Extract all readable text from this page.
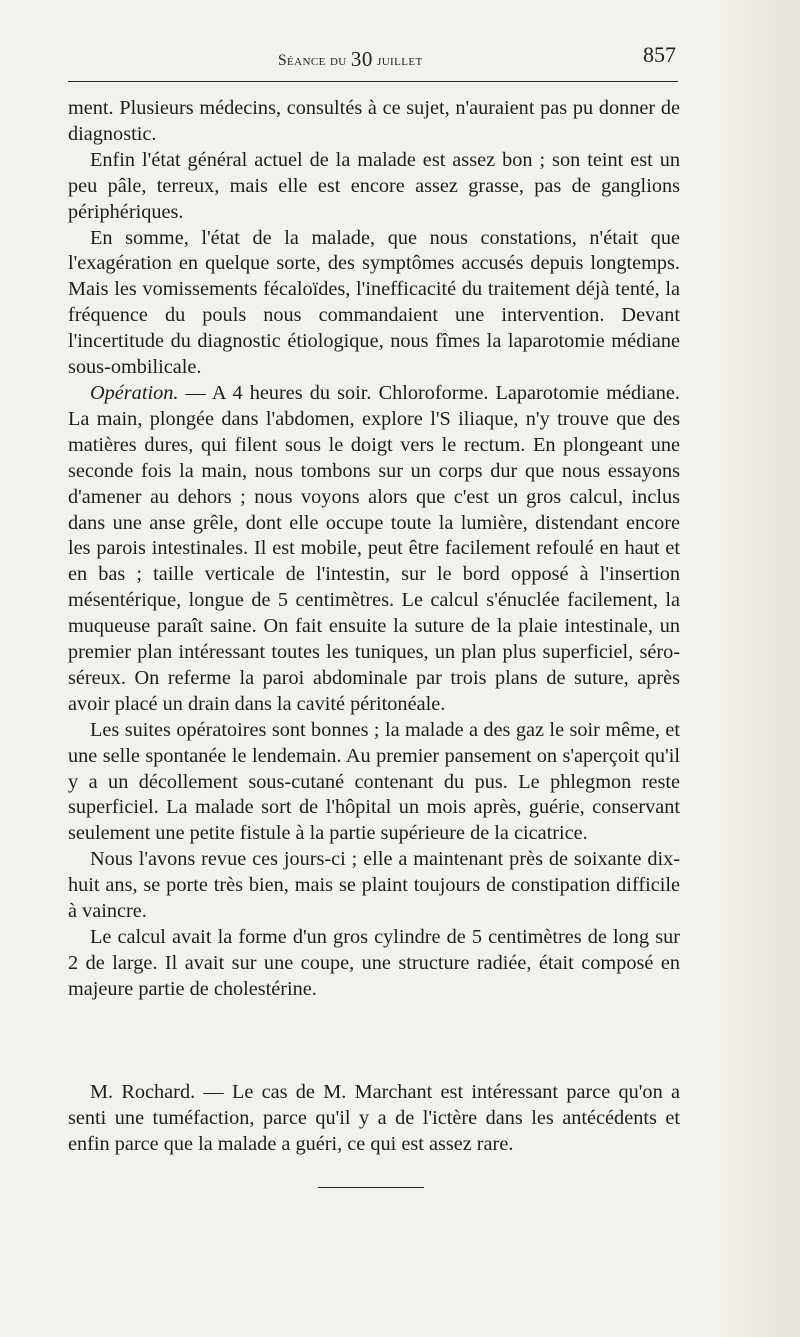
Séance du 30 juillet	857

ment. Plusieurs médecins, consultés à ce sujet, n'auraient pas pu donner de diagnostic.

Enfin l'état général actuel de la malade est assez bon ; son teint est un peu pâle, terreux, mais elle est encore assez grasse, pas de ganglions périphériques.

En somme, l'état de la malade, que nous constations, n'était que l'exagération en quelque sorte, des symptômes accusés depuis longtemps. Mais les vomissements fécaloïdes, l'inefficacité du traitement déjà tenté, la fréquence du pouls nous commandaient une intervention. Devant l'incertitude du diagnostic étiologique, nous fîmes la laparotomie médiane sous-ombilicale.

Opération. — A 4 heures du soir. Chloroforme. Laparotomie médiane. La main, plongée dans l'abdomen, explore l'S iliaque, n'y trouve que des matières dures, qui filent sous le doigt vers le rectum. En plongeant une seconde fois la main, nous tombons sur un corps dur que nous essayons d'amener au dehors ; nous voyons alors que c'est un gros calcul, inclus dans une anse grêle, dont elle occupe toute la lumière, distendant encore les parois intestinales. Il est mobile, peut être facilement refoulé en haut et en bas ; taille verticale de l'intestin, sur le bord opposé à l'insertion mésentérique, longue de 5 centimètres. Le calcul s'énuclée facilement, la muqueuse paraît saine. On fait ensuite la suture de la plaie intestinale, un premier plan intéressant toutes les tuniques, un plan plus superficiel, séro-séreux. On referme la paroi abdominale par trois plans de suture, après avoir placé un drain dans la cavité péritonéale.

Les suites opératoires sont bonnes ; la malade a des gaz le soir même, et une selle spontanée le lendemain. Au premier pansement on s'aperçoit qu'il y a un décollement sous-cutané contenant du pus. Le phlegmon reste superficiel. La malade sort de l'hôpital un mois après, guérie, conservant seulement une petite fistule à la partie supérieure de la cicatrice.

Nous l'avons revue ces jours-ci ; elle a maintenant près de soixante dix-huit ans, se porte très bien, mais se plaint toujours de constipation difficile à vaincre.

Le calcul avait la forme d'un gros cylindre de 5 centimètres de long sur 2 de large. Il avait sur une coupe, une structure radiée, était composé en majeure partie de cholestérine.

M. Rochard. — Le cas de M. Marchant est intéressant parce qu'on a senti une tuméfaction, parce qu'il y a de l'ictère dans les antécédents et enfin parce que la malade a guéri, ce qui est assez rare.
